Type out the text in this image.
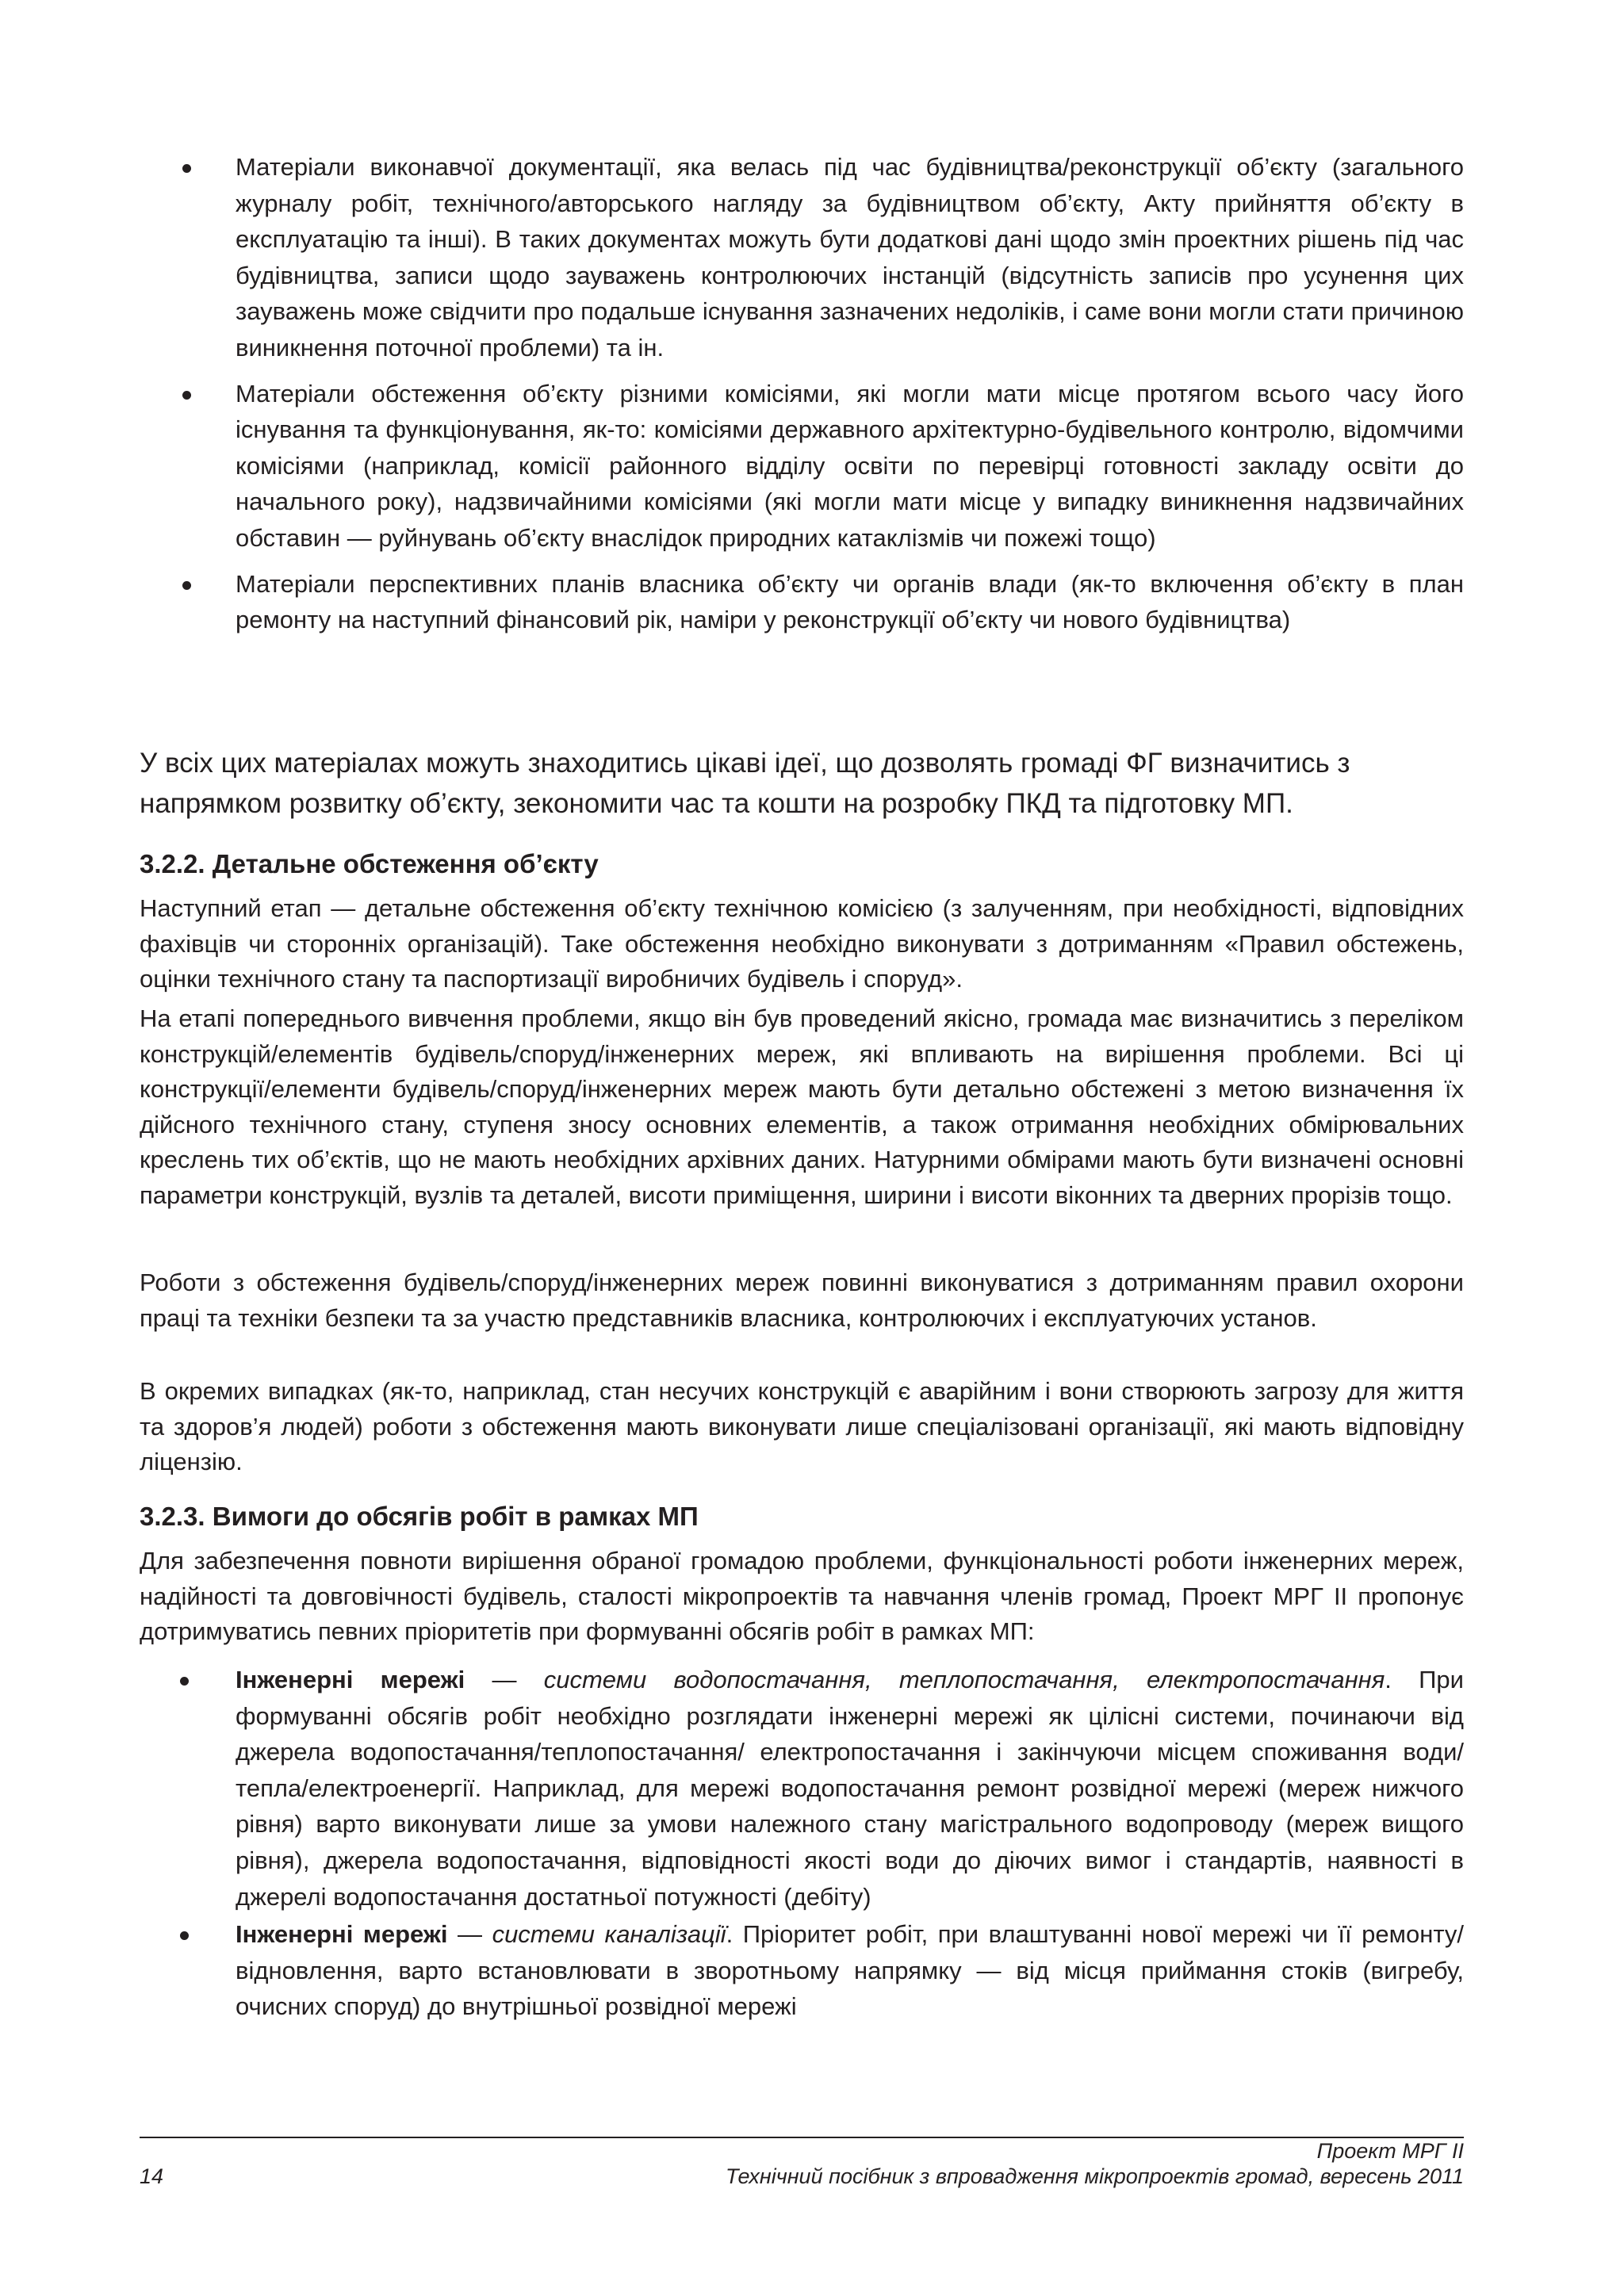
Матеріали виконавчої документації, яка велась під час будівництва/реконструкції об’єкту (загального журналу робіт, технічного/авторського нагляду за будівництвом об’єкту, Акту прийняття об’єкту в експлуатацію та інші). В таких документах можуть бути додаткові дані щодо змін проектних рішень під час будівництва, записи щодо зауважень контролюючих інстанцій (відсутність записів про усунення цих зауважень може свідчити про подальше існування зазначених недоліків, і саме вони могли стати причиною виникнення поточної проблеми) та ін.
Матеріали обстеження об’єкту різними комісіями, які могли мати місце протягом всього часу його існування та функціонування, як-то: комісіями державного архітектурно-будівельного контролю, відомчими комісіями (наприклад, комісії районного відділу освіти по перевірці готовності закладу освіти до начального року), надзвичайними комісіями (які могли мати місце у випадку виникнення надзвичайних обставин — руйнувань об’єкту внаслідок природних катаклізмів чи пожежі тощо)
Матеріали перспективних планів власника об’єкту чи органів влади (як-то включення об’єкту в план ремонту на наступний фінансовий рік, наміри у реконструкції об’єкту чи нового будівництва)
У всіх цих матеріалах можуть знаходитись цікаві ідеї, що дозволять громаді ФГ визначитись з напрямком розвитку об’єкту, зекономити час та кошти на розробку ПКД та підготовку МП.
3.2.2. Детальне обстеження об’єкту
Наступний етап — детальне обстеження об’єкту технічною комісією (з залученням, при необхідності, відповідних фахівців чи сторонніх організацій). Таке обстеження необхідно виконувати з дотриманням «Правил обстежень, оцінки технічного стану та паспортизації виробничих будівель і споруд».
На етапі попереднього вивчення проблеми, якщо він був проведений якісно, громада має визначитись з переліком конструкцій/елементів будівель/споруд/інженерних мереж, які впливають на вирішення проблеми. Всі ці конструкції/елементи будівель/споруд/інженерних мереж мають бути детально обстежені з метою визначення їх дійсного технічного стану, ступеня зносу основних елементів, а також отримання необхідних обмірювальних креслень тих об’єктів, що не мають необхідних архівних даних. Натурними обмірами мають бути визначені основні параметри конструкцій, вузлів та деталей, висоти приміщення, ширини і висоти віконних та дверних прорізів тощо.
Роботи з обстеження будівель/споруд/інженерних мереж повинні виконуватися з дотриманням правил охорони праці та техніки безпеки та за участю представників власника, контролюючих і експлуатуючих установ.
В окремих випадках (як-то, наприклад, стан несучих конструкцій є аварійним і вони створюють загрозу для життя та здоров’я людей) роботи з обстеження мають виконувати лише спеціалізовані організації, які мають відповідну ліцензію.
3.2.3. Вимоги до обсягів робіт в рамках МП
Для забезпечення повноти вирішення обраної громадою проблеми, функціональності роботи інженерних мереж, надійності та довговічності будівель, сталості мікропроектів та навчання членів громад, Проект МРГ II пропонує дотримуватись певних пріоритетів при формуванні обсягів робіт в рамках МП:
Інженерні мережі — системи водопостачання, теплопостачання, електропостачання. При формуванні обсягів робіт необхідно розглядати інженерні мережі як цілісні системи, починаючи від джерела водопостачання/теплопостачання/ електропостачання і закінчуючи місцем споживання води/тепла/електроенергії. Наприклад, для мережі водопостачання ремонт розвідної мережі (мереж нижчого рівня) варто виконувати лише за умови належного стану магістрального водопроводу (мереж вищого рівня), джерела водопостачання, відповідності якості води до діючих вимог і стандартів, наявності в джерелі водопостачання достатньої потужності (дебіту)
Інженерні мережі — системи каналізації. Пріоритет робіт, при влаштуванні нової мережі чи її ремонту/відновлення, варто встановлювати в зворотньому напрямку — від місця приймання стоків (вигребу, очисних споруд) до внутрішньої розвідної мережі
14
Проект МРГ II
Технічний посібник з впровадження мікропроектів громад, вересень 2011
